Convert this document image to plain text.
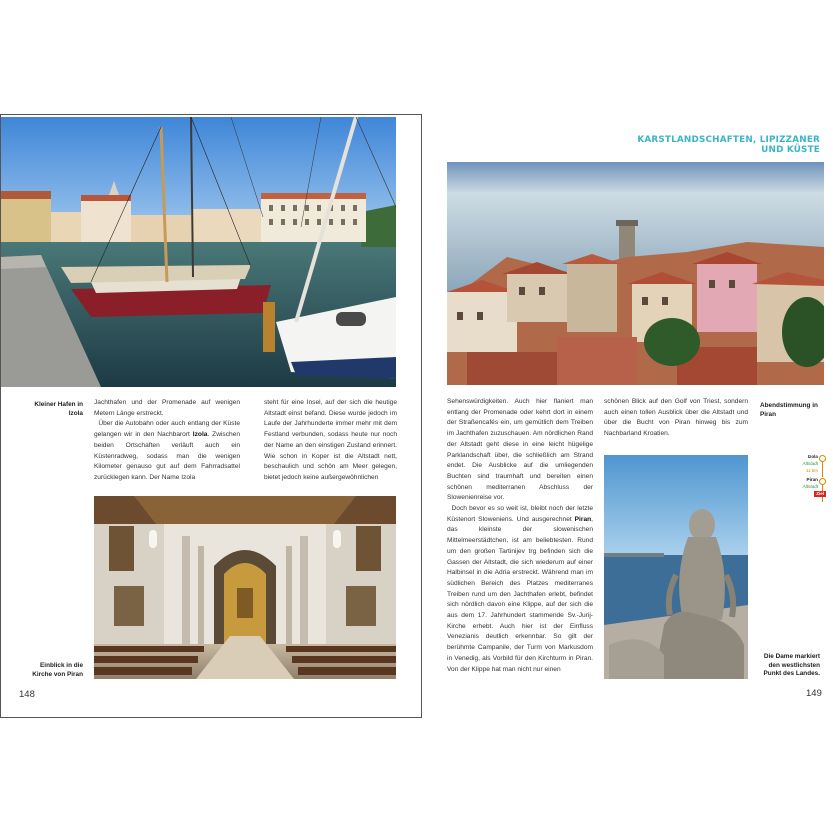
Kleiner Hafen in Izola

Jachthafen und der Promenade auf wenigen Metern Länge erstreckt.
Über die Autobahn oder auch entlang der Küste gelangen wir in den Nachbarort Izola. Zwischen beiden Ortschaften verläuft auch ein Küstenradweg, sodass man die wenigen Kilometer genauso gut auf dem Fahrradsattel zurücklegen kann. Der Name Izola

steht für eine Insel, auf der sich die heutige Altstadt einst befand. Diese wurde jedoch im Laufe der Jahrhunderte immer mehr mit dem Festland verbunden, sodass heute nur noch der Name an den einstigen Zustand erinnert. Wie schon in Koper ist die Altstadt nett, beschaulich und schön am Meer gelegen, bietet jedoch keine außergewöhnlichen

Einblick in die Kirche von Piran
148
KARSTLANDSCHAFTEN, LIPIZZANER UND KÜSTE
Abendstimmung in Piran

Sehenswürdigkeiten. Auch hier flaniert man entlang der Promenade oder kehrt dort in einem der Straßencafés ein, um gemütlich dem Treiben im Jachthafen zuzuschauen. Am nördlichen Rand der Altstadt geht diese in eine leicht hügelige Parklandschaft über, die schließlich am Strand endet. Die Ausblicke auf die umliegenden Buchten sind traumhaft und bereiten einen schönen mediterranen Abschluss der Slowenienreise vor.
Doch bevor es so weit ist, bleibt noch der letzte Küstenort Sloweniens. Und ausgerechnet Piran, das kleinste der slowenischen Mittelmeerstädtchen, ist am beliebtesten. Rund um den großen Tartinijev trg befinden sich die Gassen der Altstadt, die sich wiederum auf einer Halbinsel in die Adria erstreckt. Während man im südlichen Bereich des Platzes mediterranes Treiben rund um den Jachthafen erlebt, befindet sich nördlich davon eine Klippe, auf der sich die aus dem 17. Jahrhundert stammende Sv.-Jurij-Kirche erhebt. Auch hier ist der Einfluss Venezianis deutlich erkennbar. So gilt der berühmte Campanile, der Turm von Markusdom in Venedig, als Vorbild für den Kirchturm in Piran. Von der Klippe hat man nicht nur einen

schönen Blick auf den Golf von Triest, sondern auch einen tollen Ausblick über die Altstadt und über die Bucht von Piran hinweg bis zum Nachbarland Kroatien.

Die Dame markiert den westlichsten Punkt des Landes.
Izola
Altstadt
11 km
Piran
Altstadt
Ziel
149
